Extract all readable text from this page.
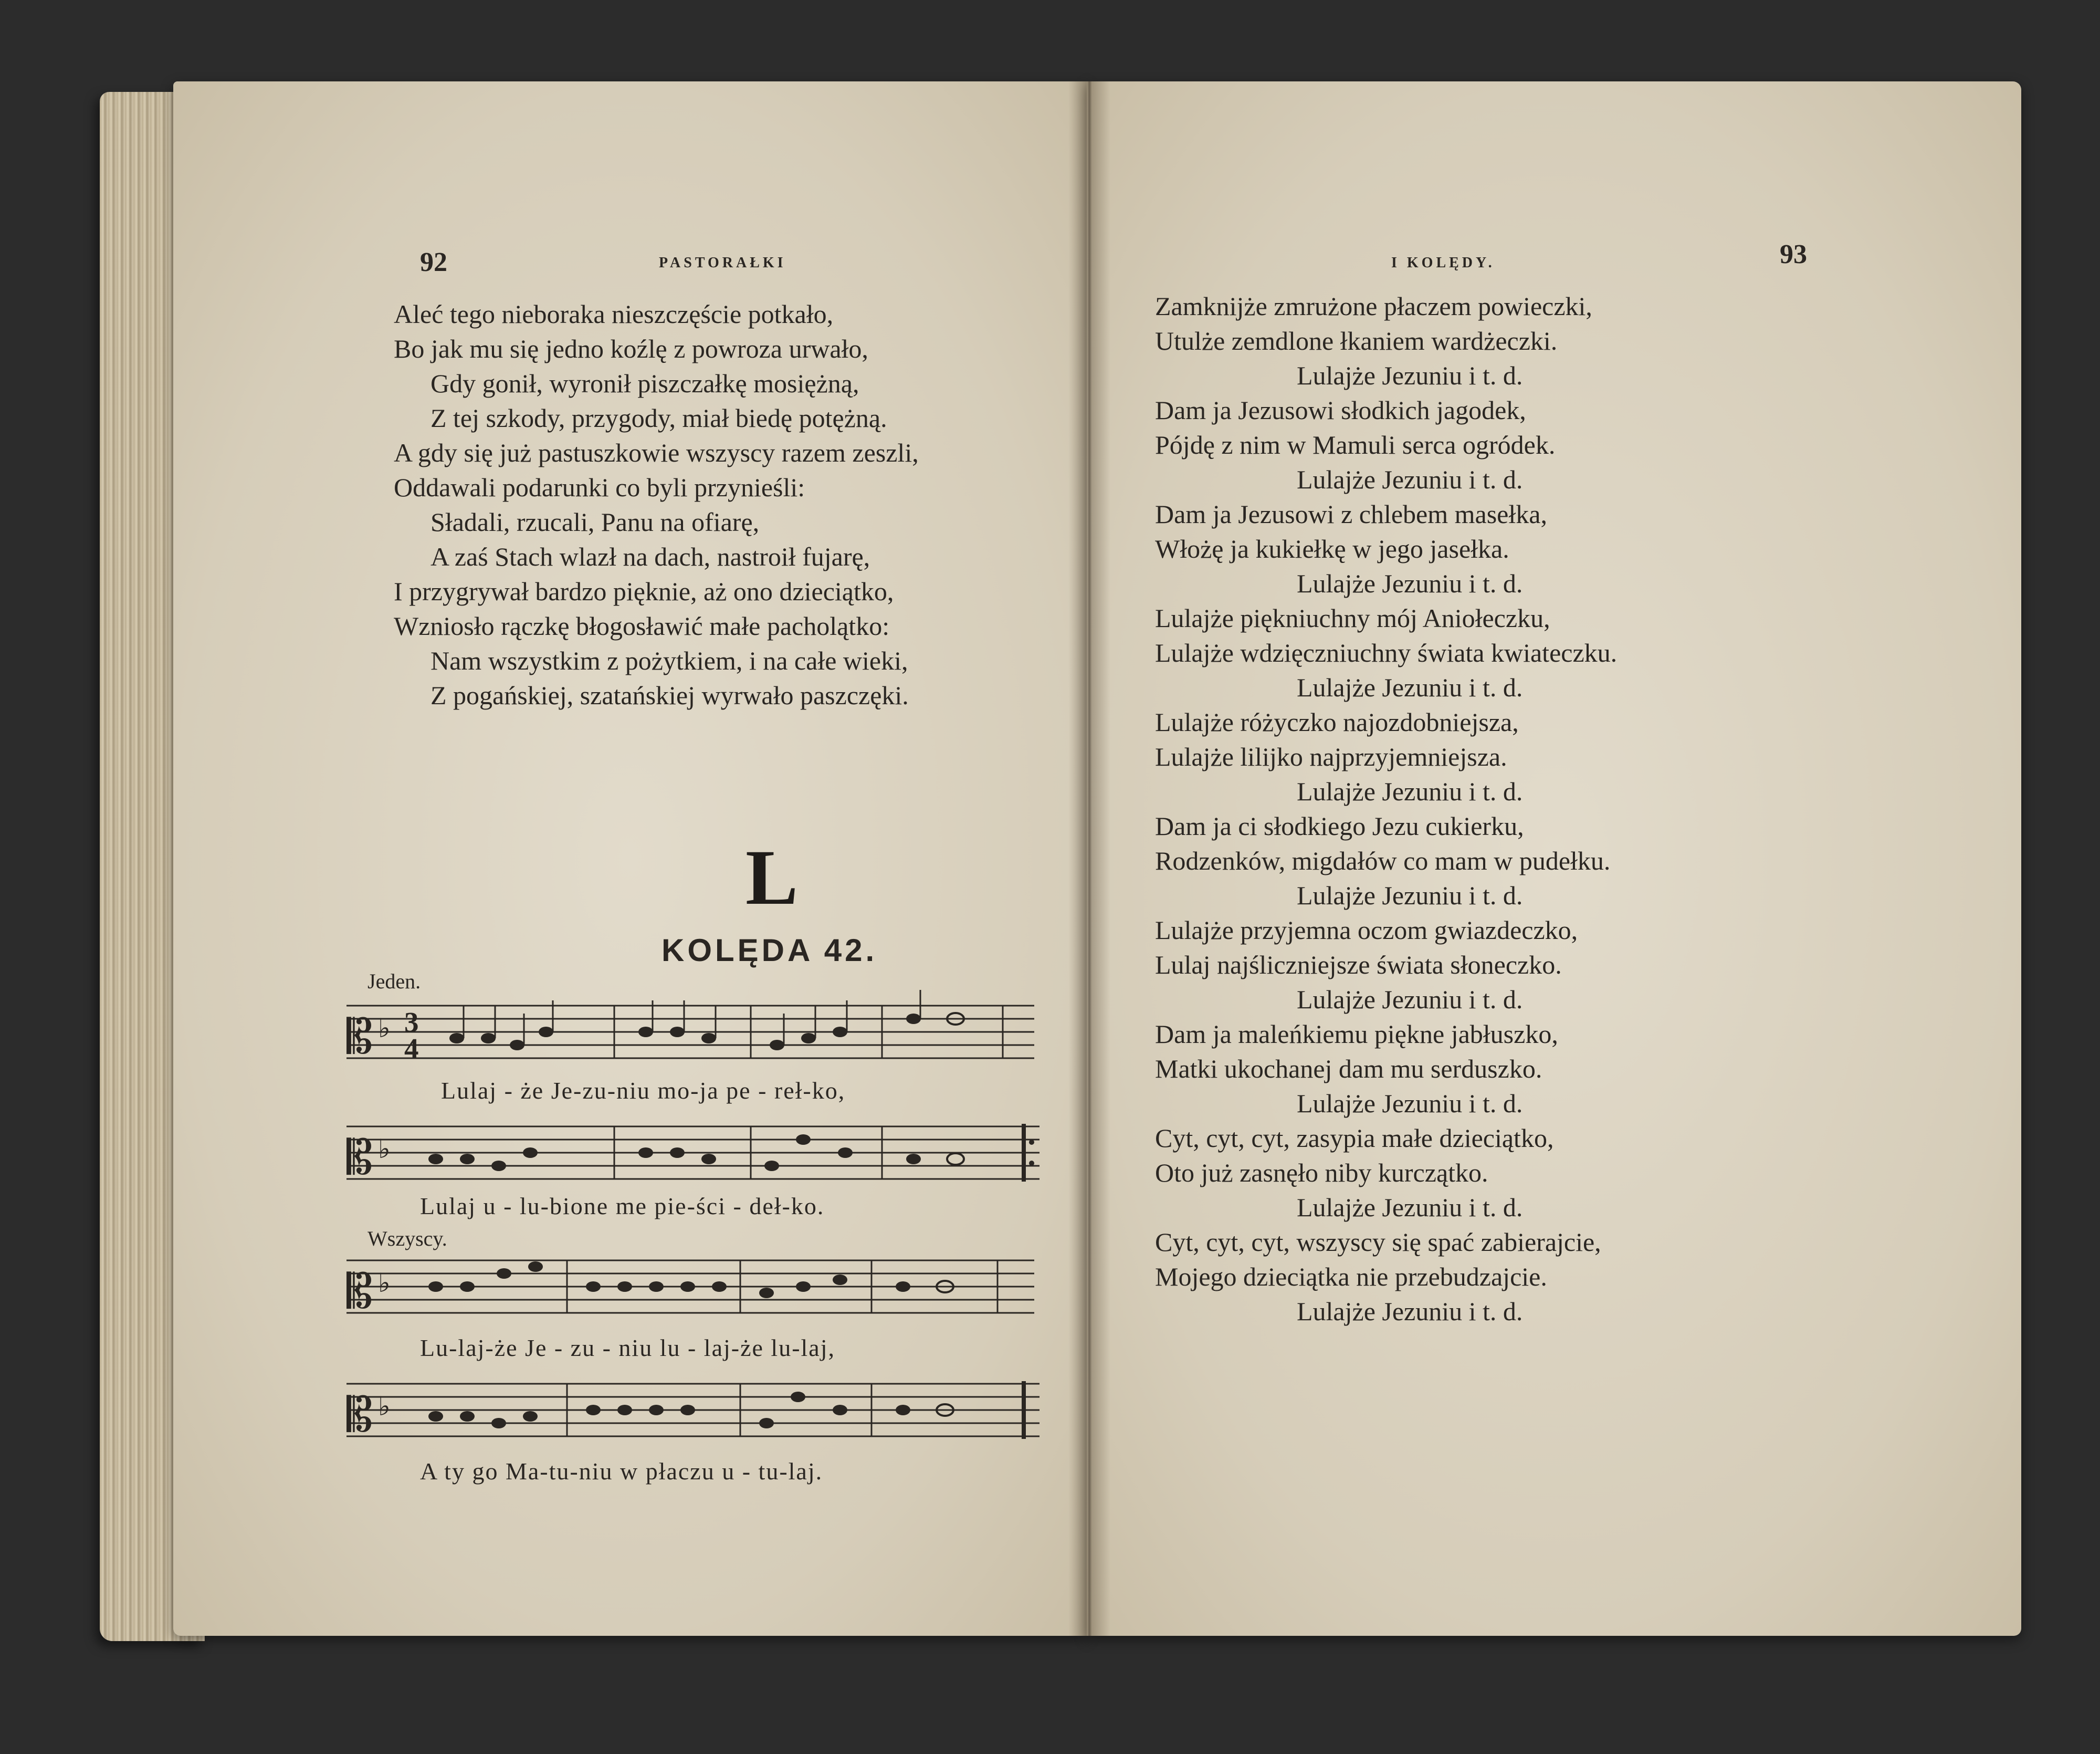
92	PASTORAŁKI
Aleć tego nieboraka nieszczęście potkało,
Bo jak mu się jedno koźlę z powroza urwało,
Gdy gonił, wyronił piszczałkę mosiężną,
Z tej szkody, przygody, miał biedę potężną.
A gdy się już pastuszkowie wszyscy razem zeszli,
Oddawali podarunki co byli przynieśli:
Sładali, rzucali, Panu na ofiarę,
A zaś Stach wlazł na dach, nastroił fujarę,
I przygrywał bardzo pięknie, aż ono dzieciątko,
Wzniosło rączkę błogosławić małe pacholątko:
Nam wszystkim z pożytkiem, i na całe wieki,
Z pogańskiej, szatańskiej wyrwało paszczęki.
L
KOLĘDA 42.
Jeden.
𝄡 ♭ 3
4
Lulaj - że Je-zu-niu mo-ja pe - reł-ko,
𝄡 ♭
Lulaj u - lu-bione me pie-ści - deł-ko.
Wszyscy.
𝄡 ♭
Lu-laj-że Je - zu - niu lu - laj-że lu-laj,
𝄡 ♭
A ty go Ma-tu-niu w płaczu u - tu-laj.
I KOLĘDY.	93
Zamknijże zmrużone płaczem powieczki,
Utulże zemdlone łkaniem wardżeczki.
Lulajże Jezuniu i t. d.
Dam ja Jezusowi słodkich jagodek,
Pójdę z nim w Mamuli serca ogródek.
Lulajże Jezuniu i t. d.
Dam ja Jezusowi z chlebem masełka,
Włożę ja kukiełkę w jego jasełka.
Lulajże Jezuniu i t. d.
Lulajże piękniuchny mój Aniołeczku,
Lulajże wdzięczniuchny świata kwiateczku.
Lulajże Jezuniu i t. d.
Lulajże różyczko najozdobniejsza,
Lulajże lilijko najprzyjemniejsza.
Lulajże Jezuniu i t. d.
Dam ja ci słodkiego Jezu cukierku,
Rodzenków, migdałów co mam w pudełku.
Lulajże Jezuniu i t. d.
Lulajże przyjemna oczom gwiazdeczko,
Lulaj najśliczniejsze świata słoneczko.
Lulajże Jezuniu i t. d.
Dam ja maleńkiemu piękne jabłuszko,
Matki ukochanej dam mu serduszko.
Lulajże Jezuniu i t. d.
Cyt, cyt, cyt, zasypia małe dzieciątko,
Oto już zasnęło niby kurczątko.
Lulajże Jezuniu i t. d.
Cyt, cyt, cyt, wszyscy się spać zabierajcie,
Mojego dzieciątka nie przebudzajcie.
Lulajże Jezuniu i t. d.
